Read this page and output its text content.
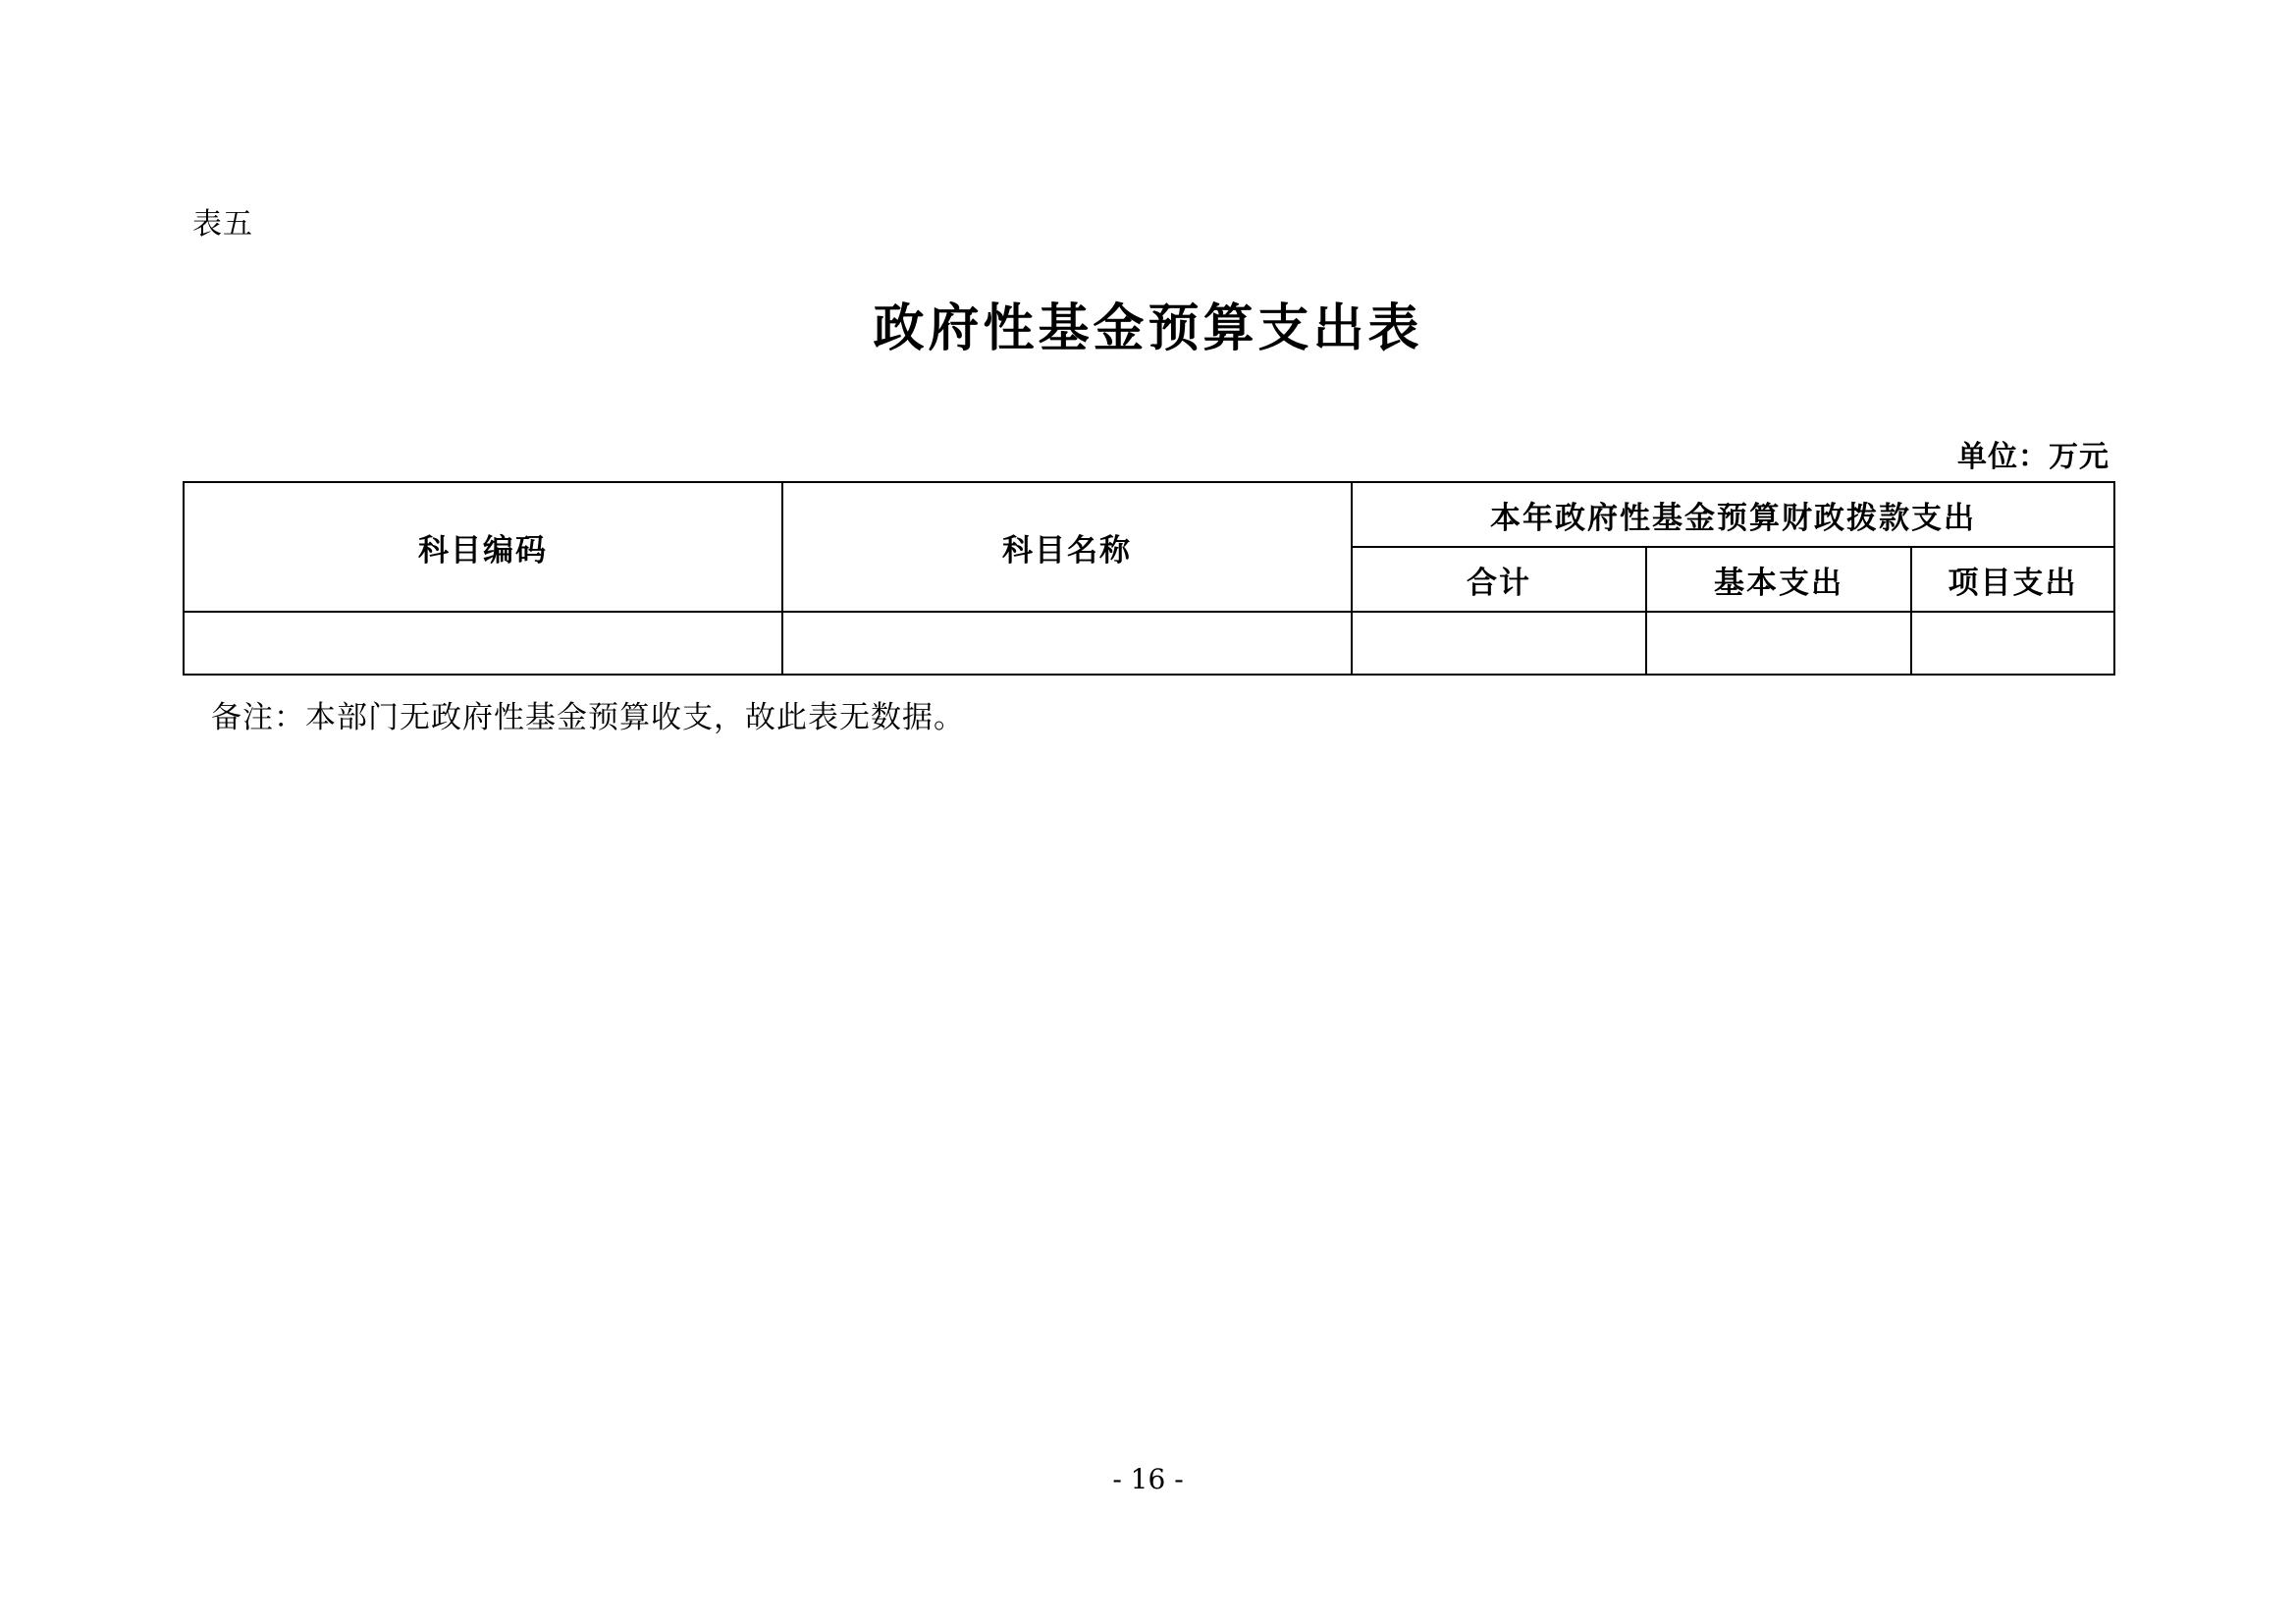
表五
政府性基金预算支出表
单位：万元
科目编码	科目名称	本年政府性基金预算财政拨款支出		
		合计	基本支出	项目支出

备注：本部门无政府性基金预算收支，故此表无数据。
- 16 -
